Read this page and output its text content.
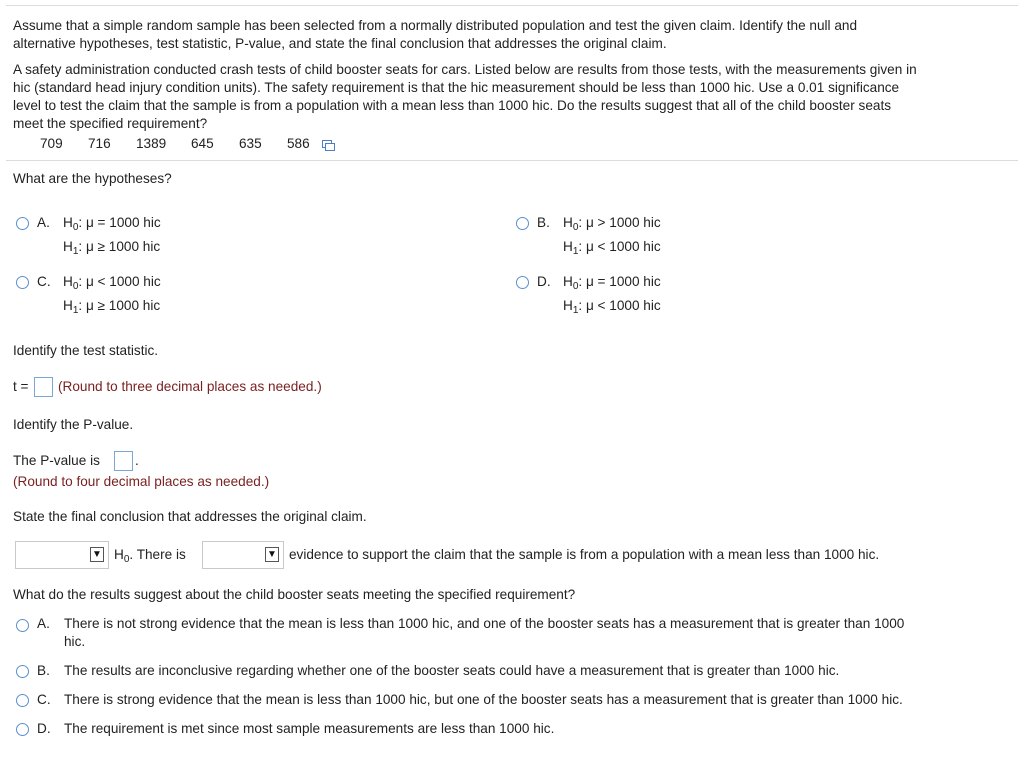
Assume that a simple random sample has been selected from a normally distributed population and test the given claim. Identify the null and
alternative hypotheses, test statistic, P-value, and state the final conclusion that addresses the original claim.
A safety administration conducted crash tests of child booster seats for cars. Listed below are results from those tests, with the measurements given in
hic (standard head injury condition units). The safety requirement is that the hic measurement should be less than 1000 hic. Use a 0.01 significance
level to test the claim that the sample is from a population with a mean less than 1000 hic. Do the results suggest that all of the child booster seats
meet the specified requirement?
709 716 1389 645 635 586
What are the hypotheses?
A. $H_0$: μ = 1000 hic
$H_1$: μ ≥ 1000 hic
B. $H_0$: μ > 1000 hic
$H_1$: μ < 1000 hic
C. $H_0$: μ < 1000 hic
$H_1$: μ ≥ 1000 hic
D. $H_0$: μ = 1000 hic
$H_1$: μ < 1000 hic
Identify the test statistic.
t = (Round to three decimal places as needed.)
Identify the P-value.
The P-value is	.
(Round to four decimal places as needed.)
State the final conclusion that addresses the original claim.
▼ $H_0$. There is	▼ evidence to support the claim that the sample is from a population with a mean less than 1000 hic.
What do the results suggest about the child booster seats meeting the specified requirement?
A. There is not strong evidence that the mean is less than 1000 hic, and one of the booster seats has a measurement that is greater than 1000
hic.
B. The results are inconclusive regarding whether one of the booster seats could have a measurement that is greater than 1000 hic.
C. There is strong evidence that the mean is less than 1000 hic, but one of the booster seats has a measurement that is greater than 1000 hic.
D. The requirement is met since most sample measurements are less than 1000 hic.
